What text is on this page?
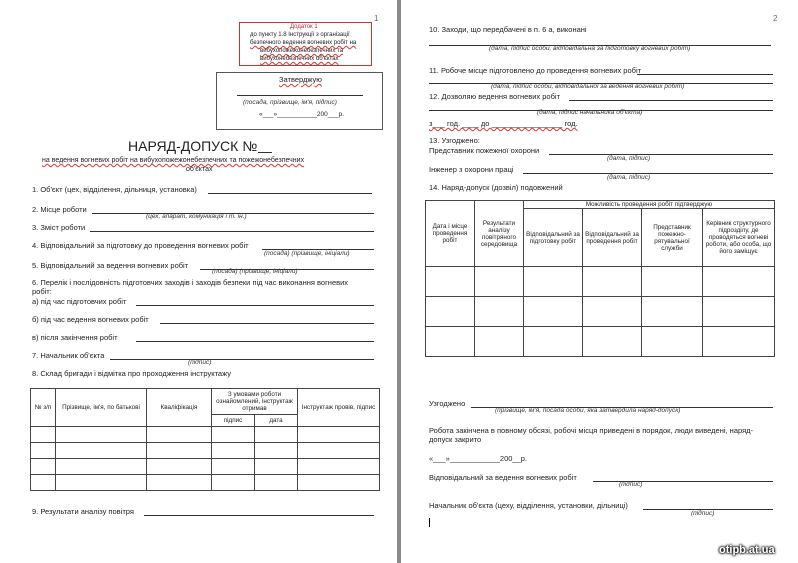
1
Додаток 1
до пункту 1.8 Інструкції з організації
безпечного ведення вогневих робіт на
вибухопожежонебезпечних та
вибухонебезпечних об'єктах
Затверджую
(посада, прізвище, ім'я, підпис)
«___»___________200___р.
НАРЯД-ДОПУСК №
на ведення вогневих робіт на вибухопожежонебезпечних та пожежонебезпечних
об'єктах
1. Об'єкт (цех, відділення, дільниця, установка)
2. Місце роботи
(цех, апарат, комунікація і т. ін.)
3. Зміст роботи
4. Відповідальний за підготовку до проведення вогневих робіт
(посада) (прізвище, ініціали)
5. Відповідальний за ведення вогневих робіт
(посада) (прізвище, ініціали)
6. Перелік і послідовність підготовчих заходів і заходів безпеки під час виконання вогневих
робіт:
а) під час підготовчих робіт
б) під час ведення вогневих робіт
в) після закінчення робіт
7. Начальник об'єкта
(підпис)
8. Склад бригади і відмітка про проходження інструктажу
№ з/п	Прізвище, ім'я, по батькові	Кваліфікація	З умовами роботи ознайомлений, інструктаж отримав		Інструктаж провів, підпис
			підпис	дата	

9. Результати аналізу повітря
2
10. Заходи, що передбачені в п. 6 а, виконані
(дата, підпис особи, відповідальна за підготовку вогневих робіт)
11. Робоче місце підготовлено до проведення вогневих робіт
(дата, підпис особи, відповідальної за ведення вогневих робіт)
12. Дозволяю ведення вогневих робіт
(дата, підпис начальника об'єкта)
з___ год. ____ до _________________ год.
13. Узгоджено:
Представник пожежної охорони
(дата, підпис)
Інженер з охорони праці
(дата, підпис)
14. Наряд-допуск (дозвіл) подовжений
Дата і місце проведення робіт	Результати аналізу повітряного середовища	Можливість проведення робіт підтверджую			
		Відповідальний за підготовку робіт	Відповідальний за проведення робіт	Представник пожежно-рятувальної служби	Керівник структурного підрозділу, де проводяться вогневі роботи, або особа, що його заміщує

Узгоджено
(прізвище, ім'я, посада особи, яка затвердила наряд-допуск)
Робота закінчена в повному обсязі, робочі місця приведені в порядок, люди виведені, наряд-
допуск закрито
«___»____________200__р.
Відповідальний за ведення вогневих робіт
(підпис)
Начальник об'єкта (цеху, відділення, установки, дільниці)
(підпис)
otipb.at.ua
